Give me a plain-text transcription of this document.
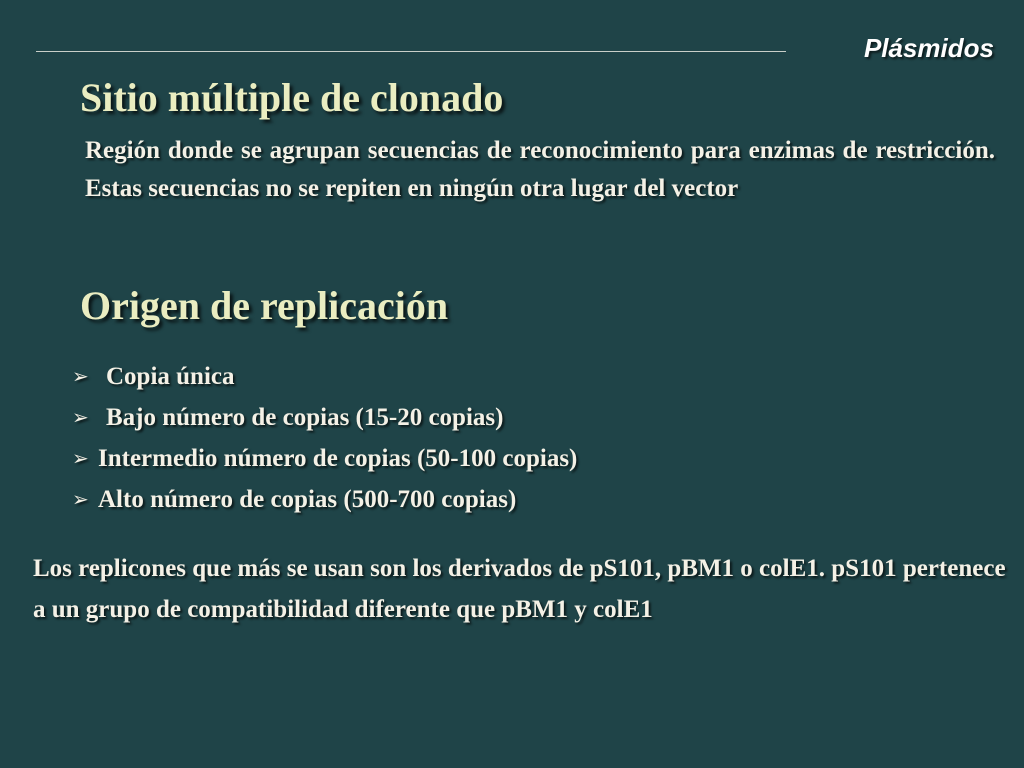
Plásmidos
Sitio múltiple de clonado
Región donde se agrupan secuencias de reconocimiento para enzimas de restricción. Estas secuencias no se repiten en ningún otra lugar del vector
Origen de replicación
➢ Copia única
➢ Bajo número de copias (15-20 copias)
➢ Intermedio número de copias (50-100 copias)
➢ Alto número de copias (500-700 copias)
Los replicones que más se usan son los derivados de pS101, pBM1 o colE1. pS101 pertenece a un grupo de compatibilidad diferente que pBM1 y colE1
